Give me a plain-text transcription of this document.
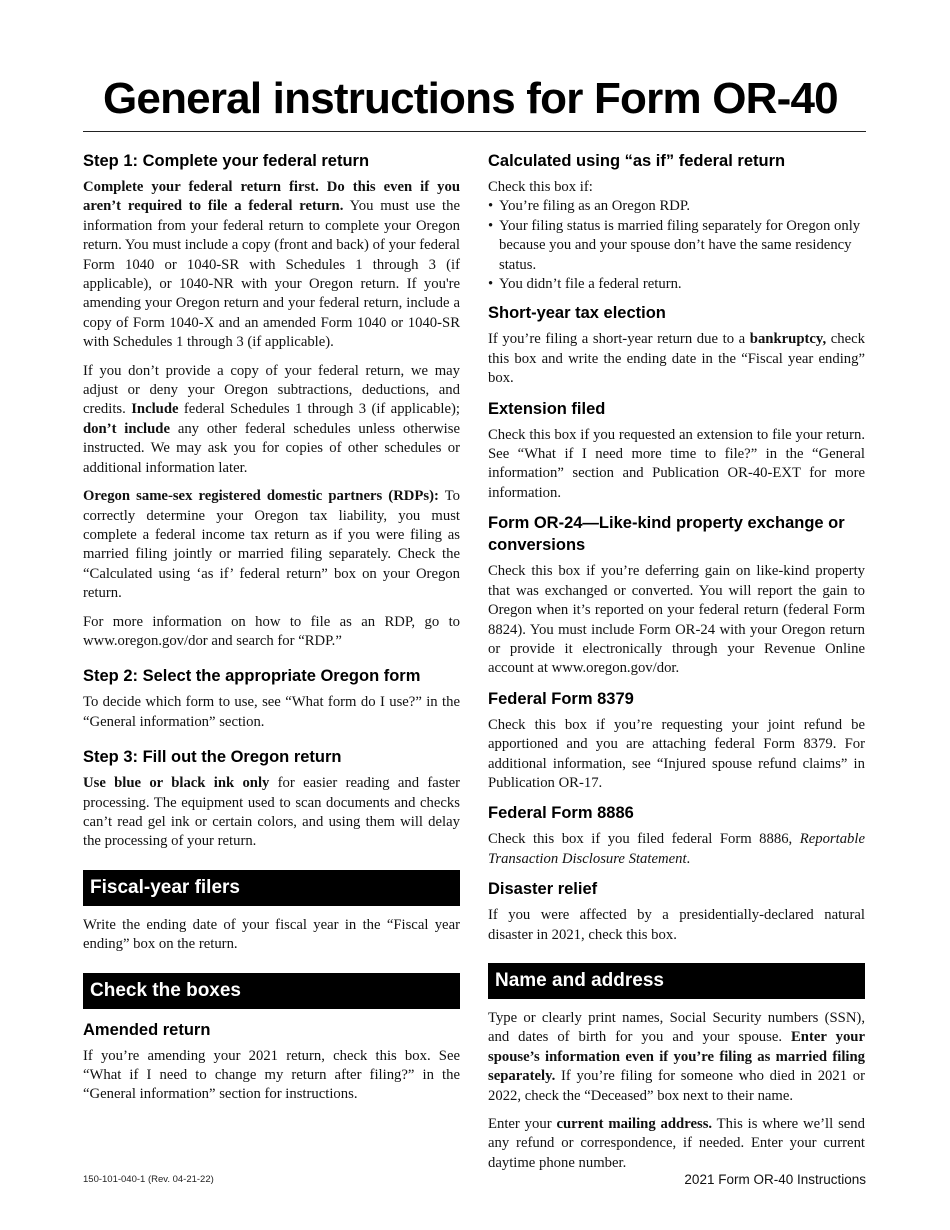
General instructions for Form OR-40
Step 1: Complete your federal return

Complete your federal return first. Do this even if you aren’t required to file a federal return. You must use the information from your federal return to complete your Oregon return. You must include a copy (front and back) of your federal Form 1040 or 1040-SR with Schedules 1 through 3 (if applicable), or 1040-NR with your Oregon return. If you're amending your Oregon return and your federal return, include a copy of Form 1040-X and an amended Form 1040 or 1040-SR with Schedules 1 through 3 (if applicable).

If you don’t provide a copy of your federal return, we may adjust or deny your Oregon subtractions, deductions, and credits. Include federal Schedules 1 through 3 (if applicable); don’t include any other federal schedules unless otherwise instructed. We may ask you for copies of other schedules or additional information later.

Oregon same-sex registered domestic partners (RDPs): To correctly determine your Oregon tax liability, you must complete a federal income tax return as if you were filing as married filing jointly or married filing separately. Check the “Calculated using ‘as if’ federal return” box on your Oregon return.

For more information on how to file as an RDP, go to www.oregon.gov/dor and search for “RDP.”

Step 2: Select the appropriate Oregon form

To decide which form to use, see “What form do I use?” in the “General information” section.

Step 3: Fill out the Oregon return

Use blue or black ink only for easier reading and faster processing. The equipment used to scan documents and checks can’t read gel ink or certain colors, and using them will delay the processing of your return.

Fiscal-year filers

Write the ending date of your fiscal year in the “Fiscal year ending” box on the return.

Check the boxes
Amended return

If you’re amending your 2021 return, check this box. See “What if I need to change my return after filing?” in the “General information” section for instructions.

Calculated using “as if” federal return

Check this box if:

• You’re filing as an Oregon RDP.
• Your filing status is married filing separately for Oregon only because you and your spouse don’t have the same residency status.
• You didn’t file a federal return.
Short-year tax election

If you’re filing a short-year return due to a bankruptcy, check this box and write the ending date in the “Fiscal year ending” box.

Extension filed

Check this box if you requested an extension to file your return. See “What if I need more time to file?” in the “General information” section and Publication OR-40-EXT for more information.

Form OR-24—Like-kind property exchange or conversions

Check this box if you’re deferring gain on like-kind property that was exchanged or converted. You will report the gain to Oregon when it’s reported on your federal return (federal Form 8824). You must include Form OR-24 with your Oregon return or provide it electronically through your Revenue Online account at www.oregon.gov/dor.

Federal Form 8379

Check this box if you’re requesting your joint refund be apportioned and you are attaching federal Form 8379. For additional information, see “Injured spouse refund claims” in Publication OR-17.

Federal Form 8886

Check this box if you filed federal Form 8886, Reportable Transaction Disclosure Statement.

Disaster relief

If you were affected by a presidentially-declared natural disaster in 2021, check this box.

Name and address

Type or clearly print names, Social Security numbers (SSN), and dates of birth for you and your spouse. Enter your spouse’s information even if you’re filing as married filing separately. If you’re filing for someone who died in 2021 or 2022, check the “Deceased” box next to their name.

Enter your current mailing address. This is where we’ll send any refund or correspondence, if needed. Enter your current daytime phone number.

150-101-040-1 (Rev. 04-21-22)	2021 Form OR-40 Instructions
